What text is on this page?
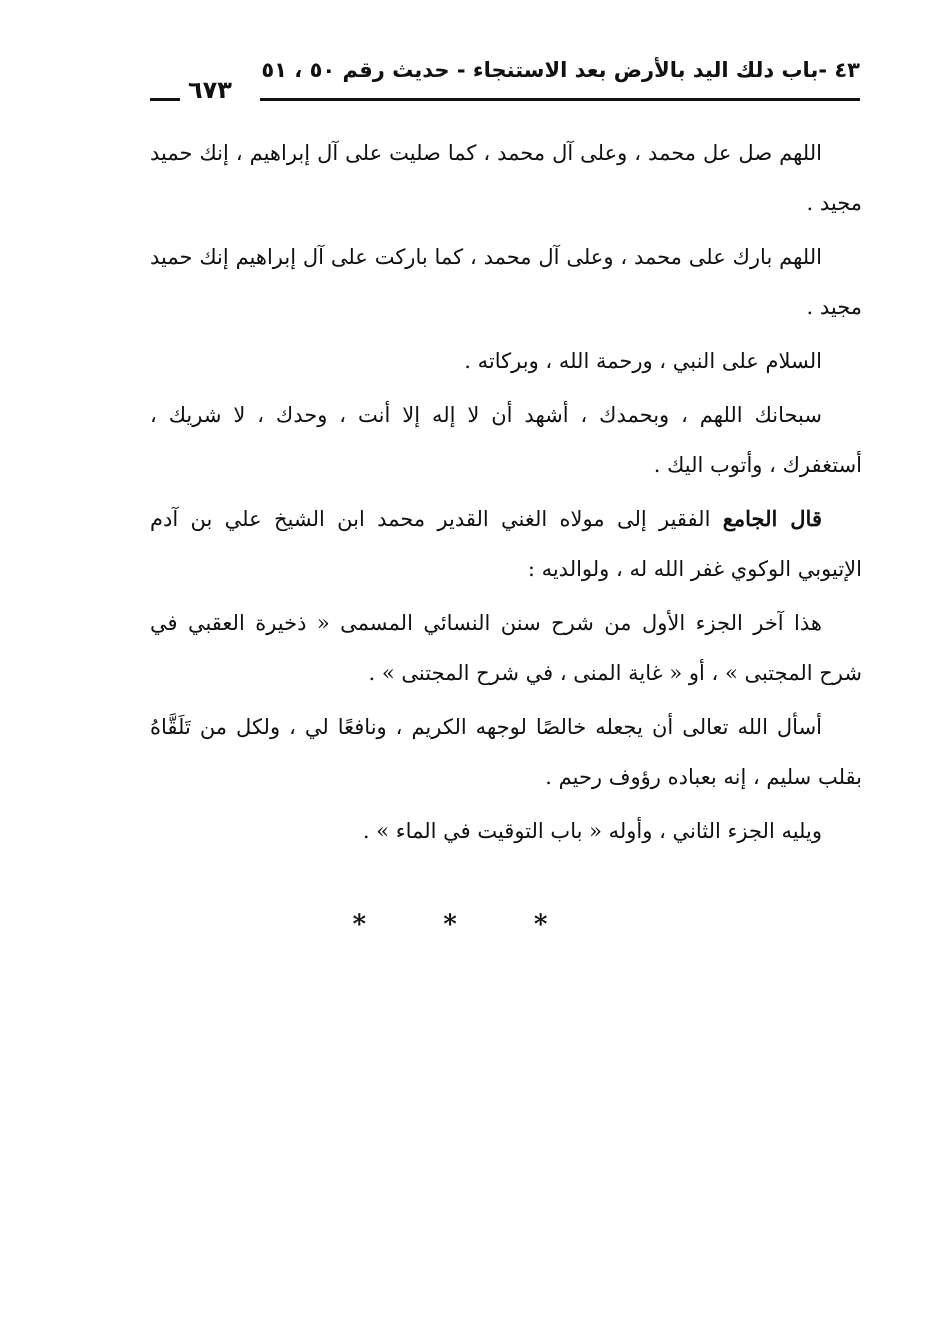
٤٣ -باب دلك اليد بالأرض بعد الاستنجاء - حديث رقم ٥٠ ، ٥١
٦٧٣

اللهم صل عل محمد ، وعلى آل محمد ، كما صليت على آل إبراهيم ، إنك حميد مجيد .

اللهم بارك على محمد ، وعلى آل محمد ، كما باركت على آل إبراهيم إنك حميد مجيد .

السلام على النبي ، ورحمة الله ، وبركاته .

سبحانك اللهم ، وبحمدك ، أشهد أن لا إله إلا أنت ، وحدك ، لا شريك ، أستغفرك ، وأتوب اليك .

قال الجامع الفقير إلى مولاه الغني القدير محمد ابن الشيخ علي بن آدم الإتيوبي الوكوي غفر الله له ، ولوالديه :

هذا آخر الجزء الأول من شرح سنن النسائي المسمى « ذخيرة العقبي في شرح المجتبى » ، أو « غاية المنى ، في شرح المجتنى » .

أسأل الله تعالى أن يجعله خالصًا لوجهه الكريم ، ونافعًا لي ، ولكل من تَلَقَّاهُ بقلب سليم ، إنه بعباده رؤوف رحيم .

ويليه الجزء الثاني ، وأوله « باب التوقيت في الماء » .

* * *
